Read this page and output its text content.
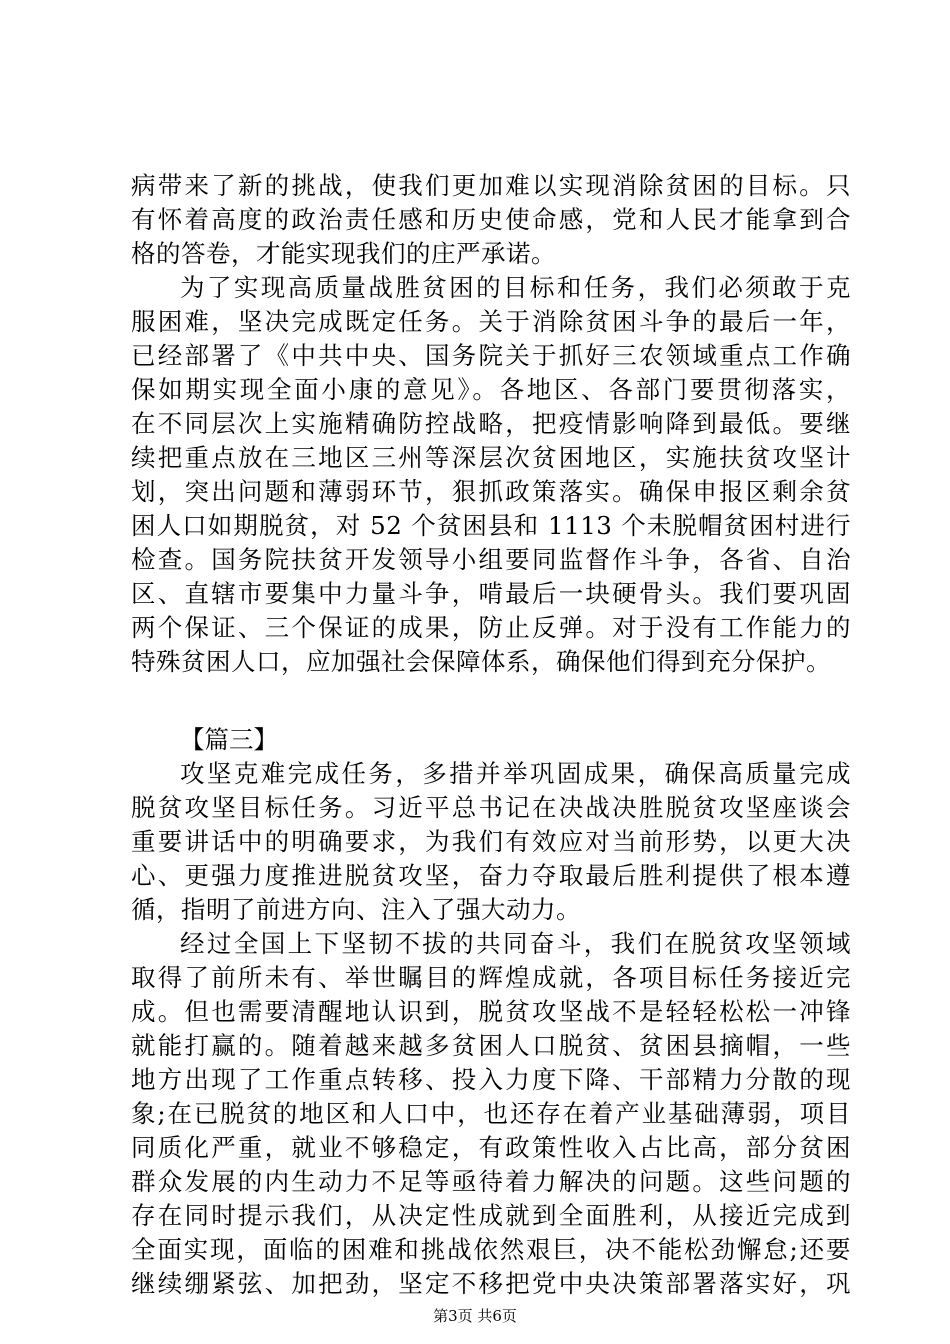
病带来了新的挑战，使我们更加难以实现消除贫困的目标。只
有怀着高度的政治责任感和历史使命感，党和人民才能拿到合
格的答卷，才能实现我们的庄严承诺。
为了实现高质量战胜贫困的目标和任务，我们必须敢于克
服困难，坚决完成既定任务。关于消除贫困斗争的最后一年，
已经部署了《中共中央、国务院关于抓好三农领域重点工作确
保如期实现全面小康的意见》。各地区、各部门要贯彻落实，
在不同层次上实施精确防控战略，把疫情影响降到最低。要继
续把重点放在三地区三州等深层次贫困地区，实施扶贫攻坚计
划，突出问题和薄弱环节，狠抓政策落实。确保申报区剩余贫
困人口如期脱贫，对 52 个贫困县和 1113 个未脱帽贫困村进行
检查。国务院扶贫开发领导小组要同监督作斗争，各省、自治
区、直辖市要集中力量斗争，啃最后一块硬骨头。我们要巩固
两个保证、三个保证的成果，防止反弹。对于没有工作能力的
特殊贫困人口，应加强社会保障体系，确保他们得到充分保护。
【篇三】
攻坚克难完成任务，多措并举巩固成果，确保高质量完成
脱贫攻坚目标任务。习近平总书记在决战决胜脱贫攻坚座谈会
重要讲话中的明确要求，为我们有效应对当前形势，以更大决
心、更强力度推进脱贫攻坚，奋力夺取最后胜利提供了根本遵
循，指明了前进方向、注入了强大动力。
经过全国上下坚韧不拔的共同奋斗，我们在脱贫攻坚领域
取得了前所未有、举世瞩目的辉煌成就，各项目标任务接近完
成。但也需要清醒地认识到，脱贫攻坚战不是轻轻松松一冲锋
就能打赢的。随着越来越多贫困人口脱贫、贫困县摘帽，一些
地方出现了工作重点转移、投入力度下降、干部精力分散的现
象;在已脱贫的地区和人口中，也还存在着产业基础薄弱，项目
同质化严重，就业不够稳定，有政策性收入占比高，部分贫困
群众发展的内生动力不足等亟待着力解决的问题。这些问题的
存在同时提示我们，从决定性成就到全面胜利，从接近完成到
全面实现，面临的困难和挑战依然艰巨，决不能松劲懈怠;还要
继续绷紧弦、加把劲，坚定不移把党中央决策部署落实好，巩
第3页 共6页
